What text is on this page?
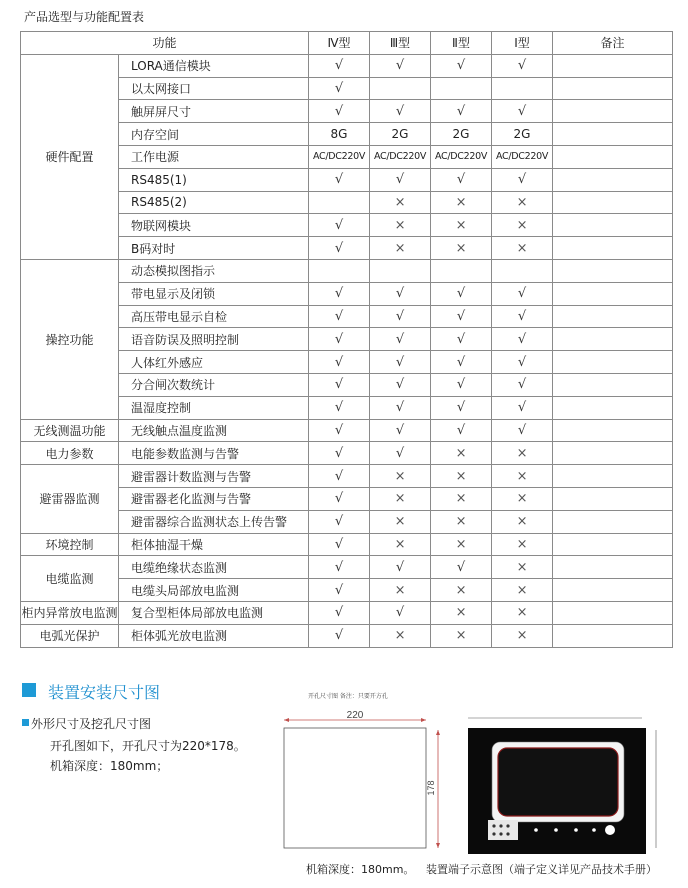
产品选型与功能配置表
功能		Ⅳ型	Ⅲ型	Ⅱ型	Ⅰ型	备注
硬件配置	LORA通信模块	√	√	√	√	
	以太网接口	√				
	触屏屏尺寸	√	√	√	√	
	内存空间	8G	2G	2G	2G	
	工作电源	AC/DC220V	AC/DC220V	AC/DC220V	AC/DC220V	
	RS485(1)	√	√	√	√	
	RS485(2)		×	×	×	
	物联网模块	√	×	×	×	
	B码对时	√	×	×	×	
操控功能	动态模拟图指示					
	带电显示及闭锁	√	√	√	√	
	高压带电显示自检	√	√	√	√	
	语音防误及照明控制	√	√	√	√	
	人体红外感应	√	√	√	√	
	分合闸次数统计	√	√	√	√	
	温湿度控制	√	√	√	√	
无线测温功能	无线触点温度监测	√	√	√	√	
电力参数	电能参数监测与告警	√	√	×	×	
避雷器监测	避雷器计数监测与告警	√	×	×	×	
	避雷器老化监测与告警	√	×	×	×	
	避雷器综合监测状态上传告警	√	×	×	×	
环境控制	柜体抽湿干燥	√	×	×	×	
电缆监测	电缆绝缘状态监测	√	√	√	×	
	电缆头局部放电监测	√	×	×	×	
柜内异常放电监测	复合型柜体局部放电监测	√	√	×	×	
电弧光保护	柜体弧光放电监测	√	×	×	×	
装置安装尺寸图
外形尺寸及挖孔尺寸图
开孔图如下，开孔尺寸为220*178。
机箱深度：180mm；
开孔尺寸图 备注：只要开方孔
220
178
机箱深度：180mm。 装置端子示意图（端子定义详见产品技术手册）
